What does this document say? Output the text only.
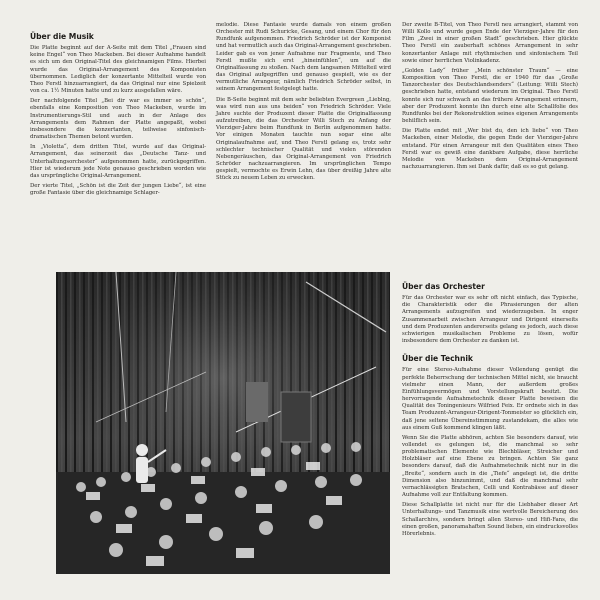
Über die Musik

Die Platte beginnt auf der A-Seite mit dem Titel „Frauen sind keine Engel“ von Theo Mackeben. Bei dieser Aufnahme handelt es sich um den Original-Titel des gleichnamigen Films. Hierbei wurde das Original-Arrangement des Komponisten übernommen. Lediglich der konzertante Mittelteil wurde von Theo Ferstl hinzuarrangiert, da das Original nur eine Spielzeit von ca. 1½ Minuten hatte und zu kurz ausgefallen wäre.

Der nachfolgende Titel „Bei dir war es immer so schön“, ebenfalls eine Komposition von Theo Mackeben, wurde im Instrumentierungs-Stil und auch in der Anlage des Arrangements dem Rahmen der Platte angepaßt, wobei insbesondere die konzertanten, teilweise sinfonisch-dramatischen Themen betont wurden.

In „Violetta“, dem dritten Titel, wurde auf das Original-Arrangement, das seinerzeit das „Deutsche Tanz- und Unterhaltungsorchester“ aufgenommen hatte, zurückgegriffen. Hier ist wiederum jede Note genauso geschrieben worden wie das ursprüngliche Original-Arrangement.

Der vierte Titel, „Schön ist die Zeit der jungen Liebe“, ist eine große Fantasie über die gleichnamige Schlager-

melodie. Diese Fantasie wurde damals von einem großen Orchester mit Rudi Schuricke, Gesang, und einem Chor für den Rundfunk aufgenommen. Friedrich Schröder ist der Komponist und hat vermutlich auch das Original-Arrangement geschrieben. Leider gab es von jener Aufnahme nur Fragmente, und Theo Ferstl mußte sich erst „hineinfühlen“, um auf die Originalfassung zu stoßen. Nach dem langsamen Mittelteil wird das Original aufgegriffen und genauso gespielt, wie es der vermutliche Arrangeur, nämlich Friedrich Schröder selbst, in seinem Arrangement festgelegt hatte.

Die B-Seite beginnt mit dem sehr beliebten Evergreen „Lieblng, was wird nun aus uns beiden“ von Friedrich Schröder. Viele Jahre suchte der Produzent dieser Platte die Originalfassung aufzutreiben, die das Orchester Willi Stech zu Anfang der Vierziger-Jahre beim Rundfunk in Berlin aufgenommen hatte. Vor einigen Monaten tauchte nun sogar eine alte Originalaufnahme auf, und Theo Ferstl gelang es, trotz sehr schlechter technischer Qualität und vielen störenden Nebengeräuschen, das Original-Arrangement von Friedrich Schröder nachzuarrangieren. Im ursprünglichen Tempo gespielt, vermochte es Erwin Lehn, das über dreißig Jahre alte Stück zu neuem Leben zu erwecken.

Der zweite B-Titel, von Theo Ferstl neu arrangiert, stammt von Willi Kollo und wurde gegen Ende der Vierziger-Jahre für den Film „Zwei in einer großen Stadt“ geschrieben. Hier glückte Theo Ferstl ein zauberhaft schönes Arrangement in sehr konzertanter Anlage mit rhythmischen und sinfonischem Teil sowie einer herrlichen Violinkadenz.

„Golden Lady“ früher „Mein schönster Traum“ — eine Komposition von Theo Ferstl, die er 1940 für das „Große Tanzorchester des Deutschlandsenders“ (Leitung: Willi Stech) geschrieben hatte, entstand wiederum im Original. Theo Ferstl konnte sich nur schwach an das frühere Arrangement erinnern, aber der Produzent konnte ihn durch eine alte Schallfolie des Rundfunks bei der Rekonstruktion seines eigenen Arrangements behilflich sein.

Die Platte endet mit „Wer bist du, den ich liebe“ von Theo Mackeben, einer Melodie, die gegen Ende der Vierziger-Jahre entstand. Für einen Arrangeur mit den Qualitäten eines Theo Ferstl war es gewiß eine dankbare Aufgabe, diese herrliche Melodie von Mackeben dem Original-Arrangement nachzuarrangieren. Ihm sei Dank dafür, daß es so gut gelang.

Über das Orchester

Für das Orchester war es sehr oft nicht einfach, das Typische, die Charakteristik oder die Phrasierungen der alten Arrangements aufzugreifen und wiederzugeben. In enger Zusammenarbeit zwischen Arrangeur und Dirigent einerseits und dem Produzenten andererseits gelang es jedoch, auch diese schwierigen musikalischen Probleme zu lösen, wofür insbesondere dem Orchester zu danken ist.

Über die Technik

Für eine Stereo-Aufnahme dieser Vollendung genügt die perfekte Beherrschung der technischen Mittel nicht, sie braucht vielmehr einen Mann, der außerdem großes Einfühlungsvermögen und Vorstellungskraft besitzt. Die hervorragende Aufnahmetechnik dieser Platte beweisen die Qualität des Toningenieurs Wilfried Feix. Er ordnete sich in das Team Produzent-Arrangeur-Dirigent-Tonmeister so glücklich ein, daß jene seltene Übereinstimmung zustandekam, die alles wie aus einem Guß kommend klingen läßt.

Wenn Sie die Platte abhören, achten Sie besonders darauf, wie vollendet es gelungen ist, die manchmal so sehr problematischen Elemente wie Blechbläser, Streicher und Holzbläser auf eine Ebene zu bringen. Achten Sie ganz besonders darauf, daß die Aufnahmetechnik nicht nur in die „Breite“, sondern auch in die „Tiefe“ angelegt ist, die dritte Dimension also hinzunimmt, und daß die manchmal sehr vernachlässigten Bratschen, Celli und Kontrabässe auf dieser Aufnahme voll zur Entfaltung kommen.

Diese Schallplatte ist nicht nur für die Liebhaber dieser Art Unterhaltungs- und Tanzmusik eine wertvolle Bereicherung des Schallarchivs, sondern bringt allen Stereo- und Hifi-Fans, die einen großen, panoramahaften Sound lieben, ein eindrucksvolles Hörerlebnis.
